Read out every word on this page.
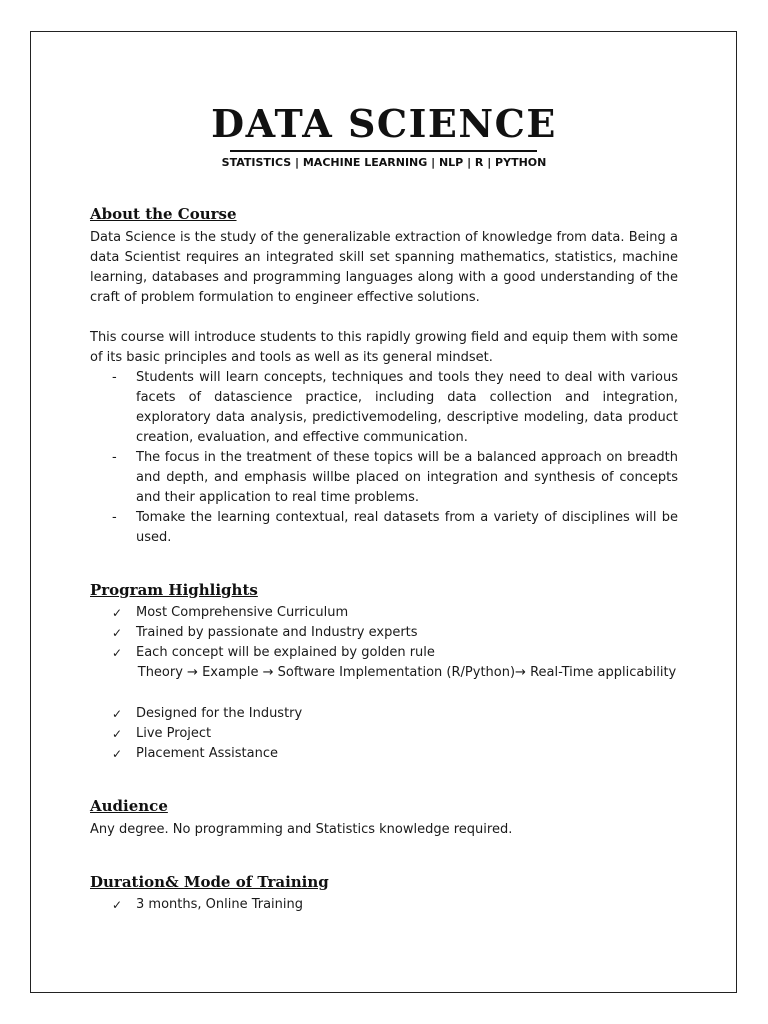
DATA SCIENCE
STATISTICS | MACHINE LEARNING | NLP | R | PYTHON
About the Course
Data Science is the study of the generalizable extraction of knowledge from data. Being a data Scientist requires an integrated skill set spanning mathematics, statistics, machine learning, databases and programming languages along with a good understanding of the craft of problem formulation to engineer effective solutions.
This course will introduce students to this rapidly growing field and equip them with some of its basic principles and tools as well as its general mindset.
- Students will learn concepts, techniques and tools they need to deal with various facets of datascience practice, including data collection and integration, exploratory data analysis, predictivemodeling, descriptive modeling, data product creation, evaluation, and effective communication.
- The focus in the treatment of these topics will be a balanced approach on breadth and depth, and emphasis willbe placed on integration and synthesis of concepts and their application to real time problems.
- Tomake the learning contextual, real datasets from a variety of disciplines will be used.
Program Highlights
✓ Most Comprehensive Curriculum
✓ Trained by passionate and Industry experts
✓ Each concept will be explained by golden rule
Theory → Example → Software Implementation (R/Python)→ Real-Time applicability
✓ Designed for the Industry
✓ Live Project
✓ Placement Assistance
Audience
Any degree. No programming and Statistics knowledge required.
Duration& Mode of Training
✓ 3 months, Online Training
